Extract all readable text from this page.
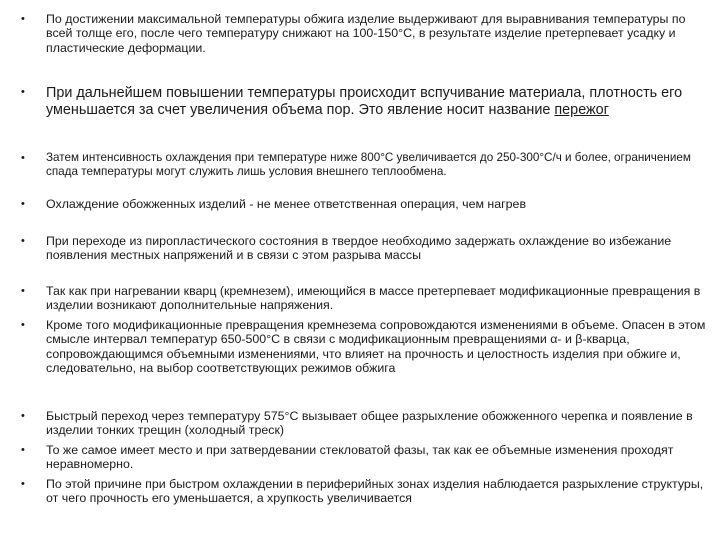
• По достижении максимальной температуры обжига изделие выдерживают для выравнивания температуры по всей толще его, после чего температуру снижают на 100-150°С, в результате изделие претерпевает усадку и пластические деформации.
• При дальнейшем повышении температуры происходит вспучивание материала, плотность его уменьшается за счет увеличения объема пор. Это явление носит название пережог
• Затем интенсивность охлаждения при температуре ниже 800°С увеличивается до 250-300°С/ч и более, ограничением спада температуры могут служить лишь условия внешнего теплообмена.
• Охлаждение обожженных изделий - не менее ответственная операция, чем нагрев
• При переходе из пиропластического состояния в твердое необходимо задержать охлаждение во избежание появления местных напряжений и в связи с этом разрыва массы
• Так как при нагревании кварц (кремнезем), имеющийся в массе претерпевает модификационные превращения в изделии возникают дополнительные напряжения.
• Кроме того модификационные превращения кремнезема сопровождаются изменениями в объеме. Опасен в этом смысле интервал температур 650-500°С в связи с модификационным превращениями α- и β-кварца, сопровождающимся объемными изменениями, что влияет на прочность и целостность изделия при обжиге и, следовательно, на выбор соответствующих режимов обжига
• Быстрый переход через температуру 575°С вызывает общее разрыхление обожженного черепка и появление в изделии тонких трещин (холодный треск)
• То же самое имеет место и при затвердевании стекловатой фазы, так как ее объемные изменения проходят неравномерно.
• По этой причине при быстром охлаждении в периферийных зонах изделия наблюдается разрыхление структуры, от чего прочность его уменьшается, а хрупкость увеличивается
